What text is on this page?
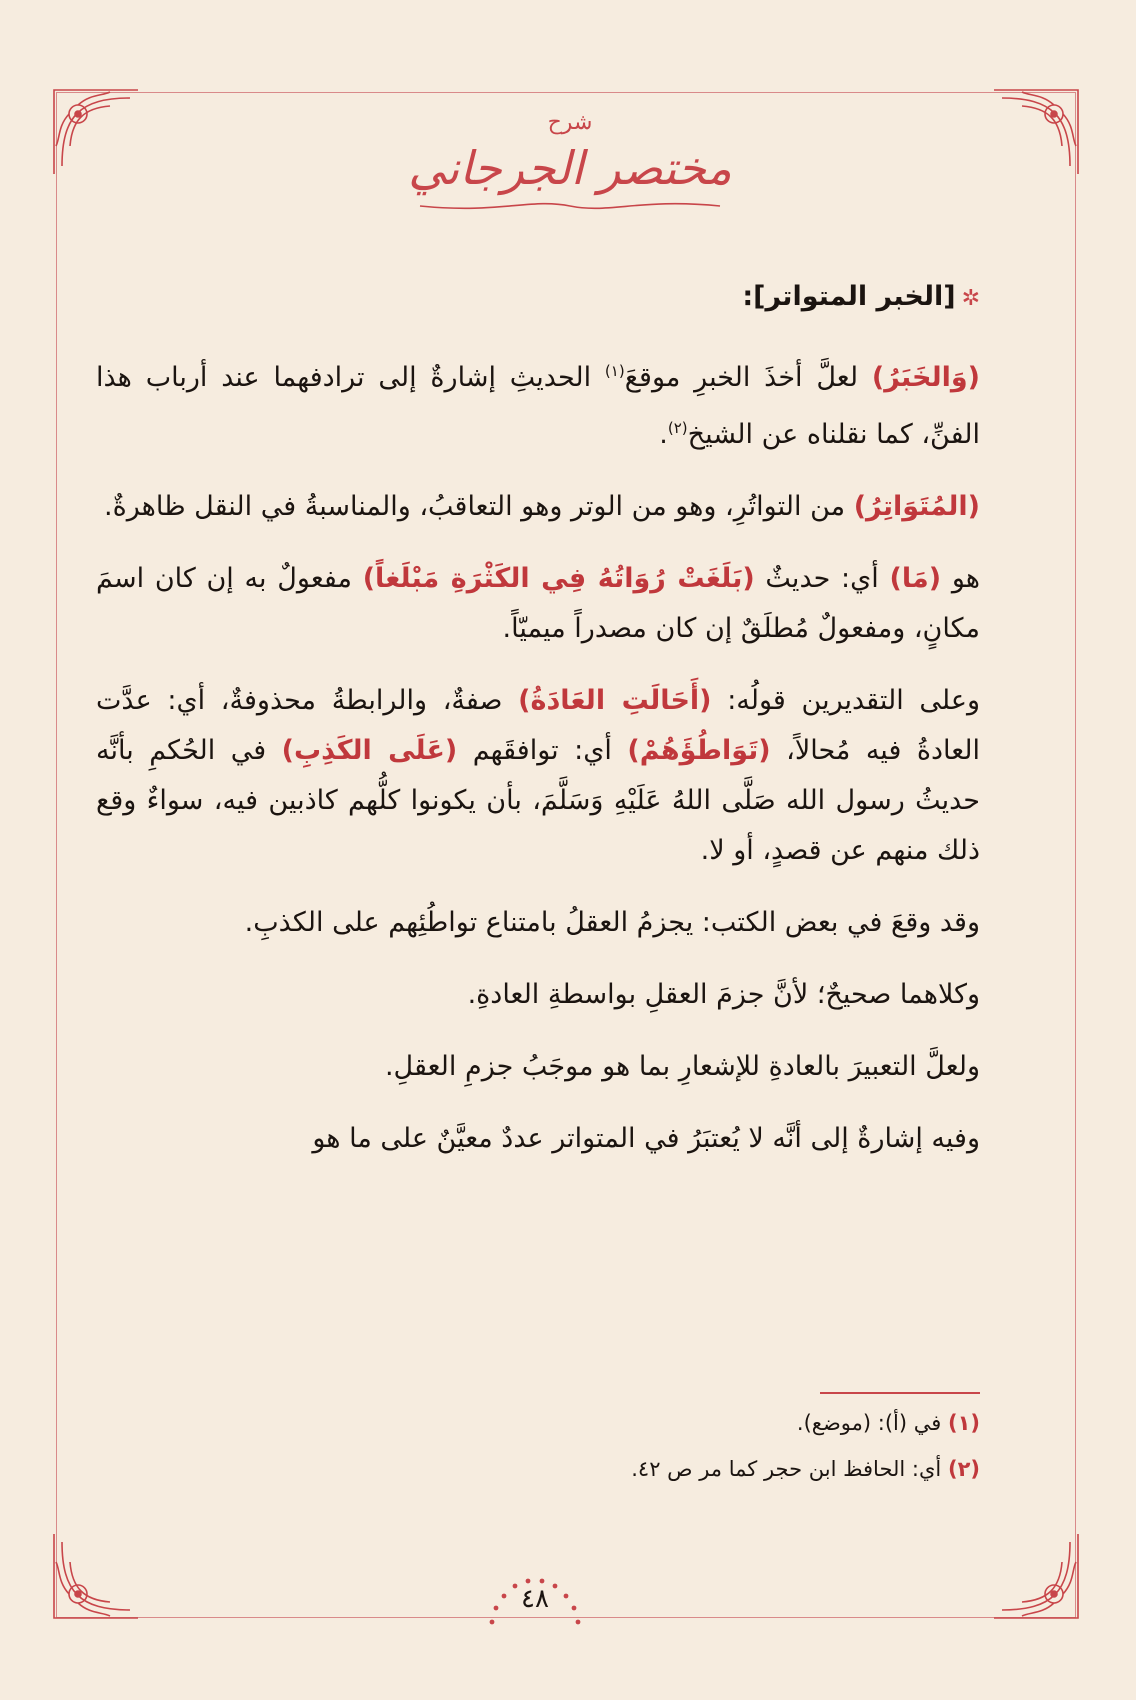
شرح
مختصر الجرجاني

✲[الخبر المتواتر]:

(وَالخَبَرُ) لعلَّ أخذَ الخبرِ موقعَ$^{(١)}$ الحديثِ إشارةٌ إلى ترادفهما عند أرباب هذا الفنِّ، كما نقلناه عن الشيخ$^{(٢)}$.

(المُتَوَاتِرُ) من التواتُرِ، وهو من الوتر وهو التعاقبُ، والمناسبةُ في النقل ظاهرةٌ.

هو (مَا) أي: حديثٌ (بَلَغَتْ رُوَاتُهُ فِي الكَثْرَةِ مَبْلَغاً) مفعولٌ به إن كان اسمَ مكانٍ، ومفعولٌ مُطلَقٌ إن كان مصدراً ميميّاً.

وعلى التقديرين قولُه: (أَحَالَتِ العَادَةُ) صفةٌ، والرابطةُ محذوفةٌ، أي: عدَّت العادةُ فيه مُحالاً، (تَوَاطُؤَهُمْ) أي: توافقَهم (عَلَى الكَذِبِ) في الحُكمِ بأنَّه حديثُ رسول الله صَلَّى اللهُ عَلَيْهِ وَسَلَّمَ، بأن يكونوا كلُّهم كاذبين فيه، سواءٌ وقع ذلك منهم عن قصدٍ، أو لا.

وقد وقعَ في بعض الكتب: يجزمُ العقلُ بامتناع تواطُئِهم على الكذبِ.

وكلاهما صحيحٌ؛ لأنَّ جزمَ العقلِ بواسطةِ العادةِ.

ولعلَّ التعبيرَ بالعادةِ للإشعارِ بما هو موجَبُ جزمِ العقلِ.

وفيه إشارةٌ إلى أنَّه لا يُعتبَرُ في المتواتر عددٌ معيَّنٌ على ما هو

(١) في (أ): (موضع).
(٢) أي: الحافظ ابن حجر كما مر ص ٤٢.
٤٨
